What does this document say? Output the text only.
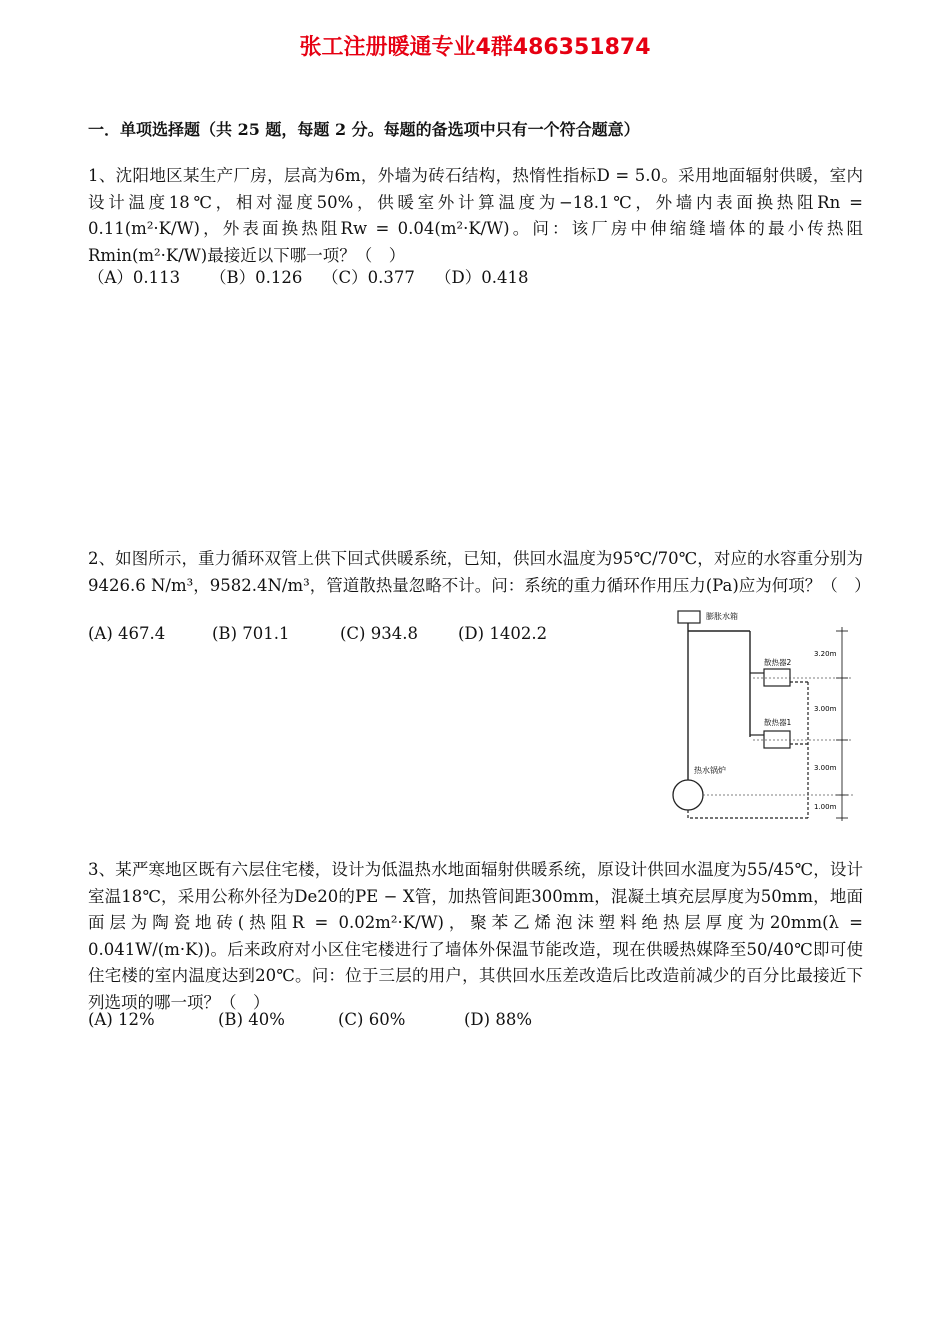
张工注册暖通专业4群486351874
一．单项选择题（共 25 题，每题 2 分。每题的备选项中只有一个符合题意）
1、沈阳地区某生产厂房，层高为6m，外墙为砖石结构，热惰性指标D = 5.0。采用地面辐射供暖，室内设计温度18℃，相对湿度50%，供暖室外计算温度为−18.1℃，外墙内表面换热阻Rn = 0.11(m²·K/W)，外表面换热阻Rw = 0.04(m²·K/W)。问：该厂房中伸缩缝墙体的最小传热阻Rmin(m²·K/W)最接近以下哪一项？（　）
（A）0.113 （B）0.126 （C）0.377 （D）0.418
2、如图所示，重力循环双管上供下回式供暖系统，已知，供回水温度为95℃/70℃，对应的水容重分别为9426.6 N/m³，9582.4N/m³，管道散热量忽略不计。问：系统的重力循环作用压力(Pa)应为何项？（　）
(A) 467.4	(B) 701.1	(C) 934.8 (D) 1402.2
膨胀水箱
散热器2
散热器1
热水锅炉
3.20m
3.00m
3.00m
1.00m
3、某严寒地区既有六层住宅楼，设计为低温热水地面辐射供暖系统，原设计供回水温度为55/45℃，设计室温18℃，采用公称外径为De20的PE − X管，加热管间距300mm，混凝土填充层厚度为50mm，地面面层为陶瓷地砖(热阻R = 0.02m²·K/W)，聚苯乙烯泡沫塑料绝热层厚度为20mm(λ = 0.041W/(m·K))。后来政府对小区住宅楼进行了墙体外保温节能改造，现在供暖热媒降至50/40℃即可使住宅楼的室内温度达到20℃。问：位于三层的用户，其供回水压差改造后比改造前减少的百分比最接近下列选项的哪一项？（　）
(A) 12%	(B) 40%	(C) 60%	(D) 88%
